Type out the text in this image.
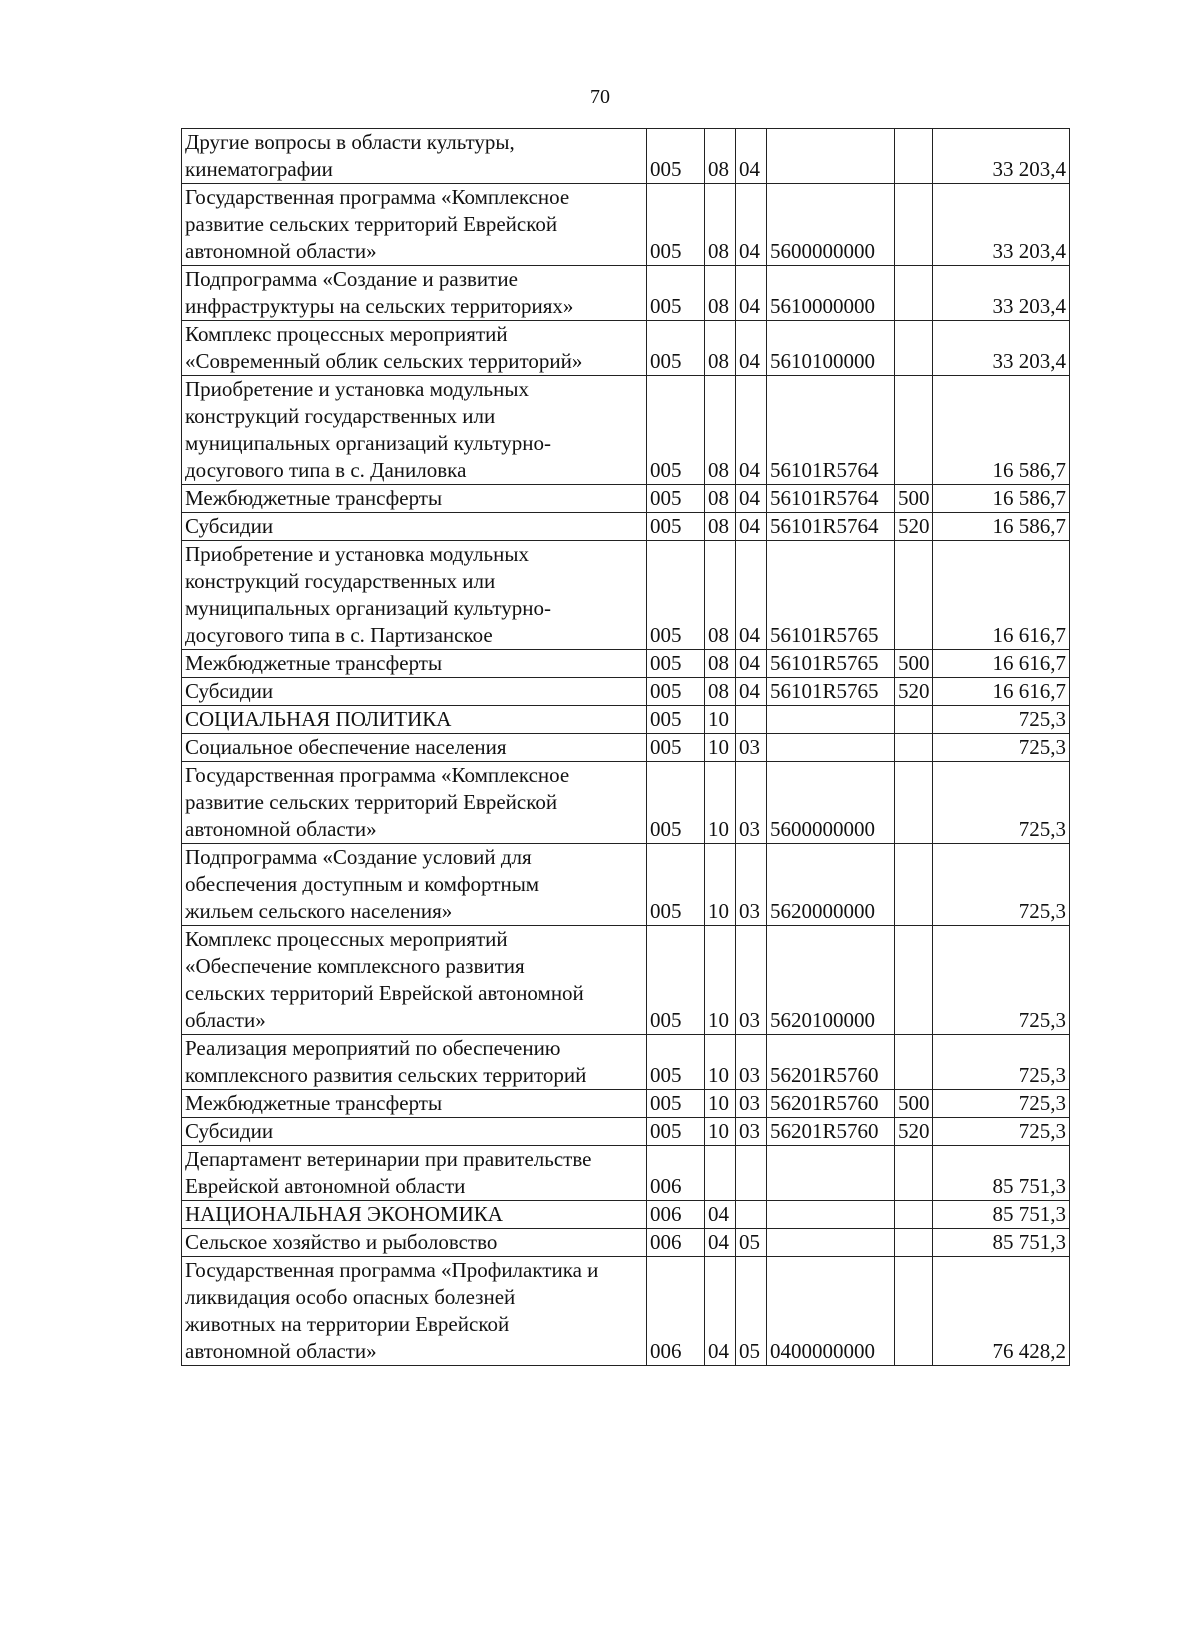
70
Другие вопросы в области культуры,
кинематографии	005	08	04			33 203,4
Государственная программа «Комплексное
развитие сельских территорий Еврейской
автономной области»	005	08	04	5600000000		33 203,4
Подпрограмма «Создание и развитие
инфраструктуры на сельских территориях»	005	08	04	5610000000		33 203,4
Комплекс процессных мероприятий
«Современный облик сельских территорий»	005	08	04	5610100000		33 203,4
Приобретение и установка модульных
конструкций государственных или
муниципальных организаций культурно-
досугового типа в с. Даниловка	005	08	04	56101R5764		16 586,7
Межбюджетные трансферты	005	08	04	56101R5764	500	16 586,7
Субсидии	005	08	04	56101R5764	520	16 586,7
Приобретение и установка модульных
конструкций государственных или
муниципальных организаций культурно-
досугового типа в с. Партизанское	005	08	04	56101R5765		16 616,7
Межбюджетные трансферты	005	08	04	56101R5765	500	16 616,7
Субсидии	005	08	04	56101R5765	520	16 616,7
СОЦИАЛЬНАЯ ПОЛИТИКА	005	10				725,3
Социальное обеспечение населения	005	10	03			725,3
Государственная программа «Комплексное
развитие сельских территорий Еврейской
автономной области»	005	10	03	5600000000		725,3
Подпрограмма «Создание условий для
обеспечения доступным и комфортным
жильем сельского населения»	005	10	03	5620000000		725,3
Комплекс процессных мероприятий
«Обеспечение комплексного развития
сельских территорий Еврейской автономной
области»	005	10	03	5620100000		725,3
Реализация мероприятий по обеспечению
комплексного развития сельских территорий	005	10	03	56201R5760		725,3
Межбюджетные трансферты	005	10	03	56201R5760	500	725,3
Субсидии	005	10	03	56201R5760	520	725,3
Департамент ветеринарии при правительстве
Еврейской автономной области	006					85 751,3
НАЦИОНАЛЬНАЯ ЭКОНОМИКА	006	04				85 751,3
Сельское хозяйство и рыболовство	006	04	05			85 751,3
Государственная программа «Профилактика и
ликвидация особо опасных болезней
животных на территории Еврейской
автономной области»	006	04	05	0400000000		76 428,2
